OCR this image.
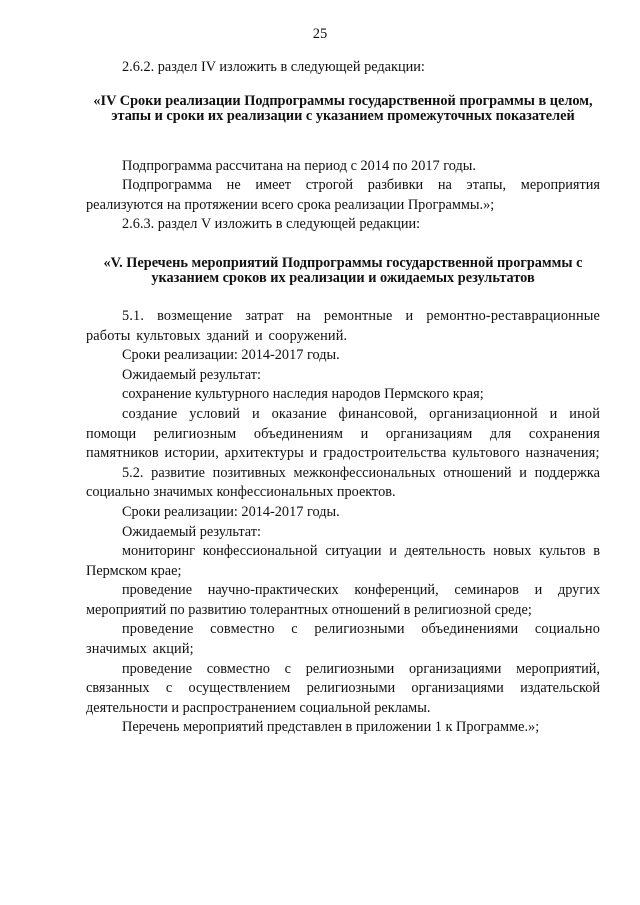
25

2.6.2. раздел IV изложить в следующей редакции:

«IV Сроки реализации Подпрограммы государственной программы в целом, этапы и сроки их реализации с указанием промежуточных показателей

Подпрограмма рассчитана на период с 2014 по 2017 годы.

Подпрограмма не имеет строгой разбивки на этапы, мероприятия реализуются на протяжении всего срока реализации Программы.»;

2.6.3. раздел V изложить в следующей редакции:

«V. Перечень мероприятий Подпрограммы государственной программы с указанием сроков их реализации и ожидаемых результатов

5.1. возмещение затрат на ремонтные и ремонтно-реставрационные работы культовых зданий и сооружений.

Сроки реализации: 2014-2017 годы.

Ожидаемый результат:

сохранение культурного наследия народов Пермского края;

создание условий и оказание финансовой, организационной и иной помощи религиозным объединениям и организациям для сохранения памятников истории, архитектуры и градостроительства культового назначения;

5.2. развитие позитивных межконфессиональных отношений и поддержка социально значимых конфессиональных проектов.

Сроки реализации: 2014-2017 годы.

Ожидаемый результат:

мониторинг конфессиональной ситуации и деятельность новых культов в Пермском крае;

проведение научно-практических конференций, семинаров и других мероприятий по развитию толерантных отношений в религиозной среде;

проведение совместно с религиозными объединениями социально значимых акций;

проведение совместно с религиозными организациями мероприятий, связанных с осуществлением религиозными организациями издательской деятельности и распространением социальной рекламы.

Перечень мероприятий представлен в приложении 1 к Программе.»;
